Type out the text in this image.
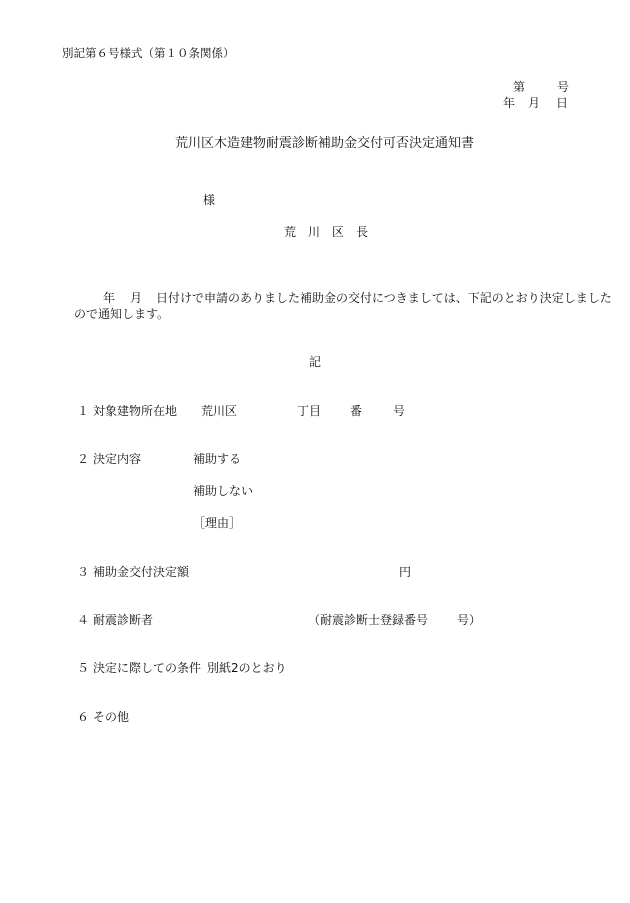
別記第６号様式（第１０条関係）
第	号
年 月 日
荒川区木造建物耐震診断補助金交付可否決定通知書
様
荒　川　区　長
年 月 日付けで申請のありました補助金の交付につきましては、下記のとおり決定しました
ので通知します。
記
１ 対象建物所在地 荒川区	丁目 番	号
２ 決定内容	補助する
補助しない
［理由］
３ 補助金交付決定額	円
４ 耐震診断者	（耐震診断士登録番号 号）
５ 決定に際しての条件 別紙2のとおり
６ その他
